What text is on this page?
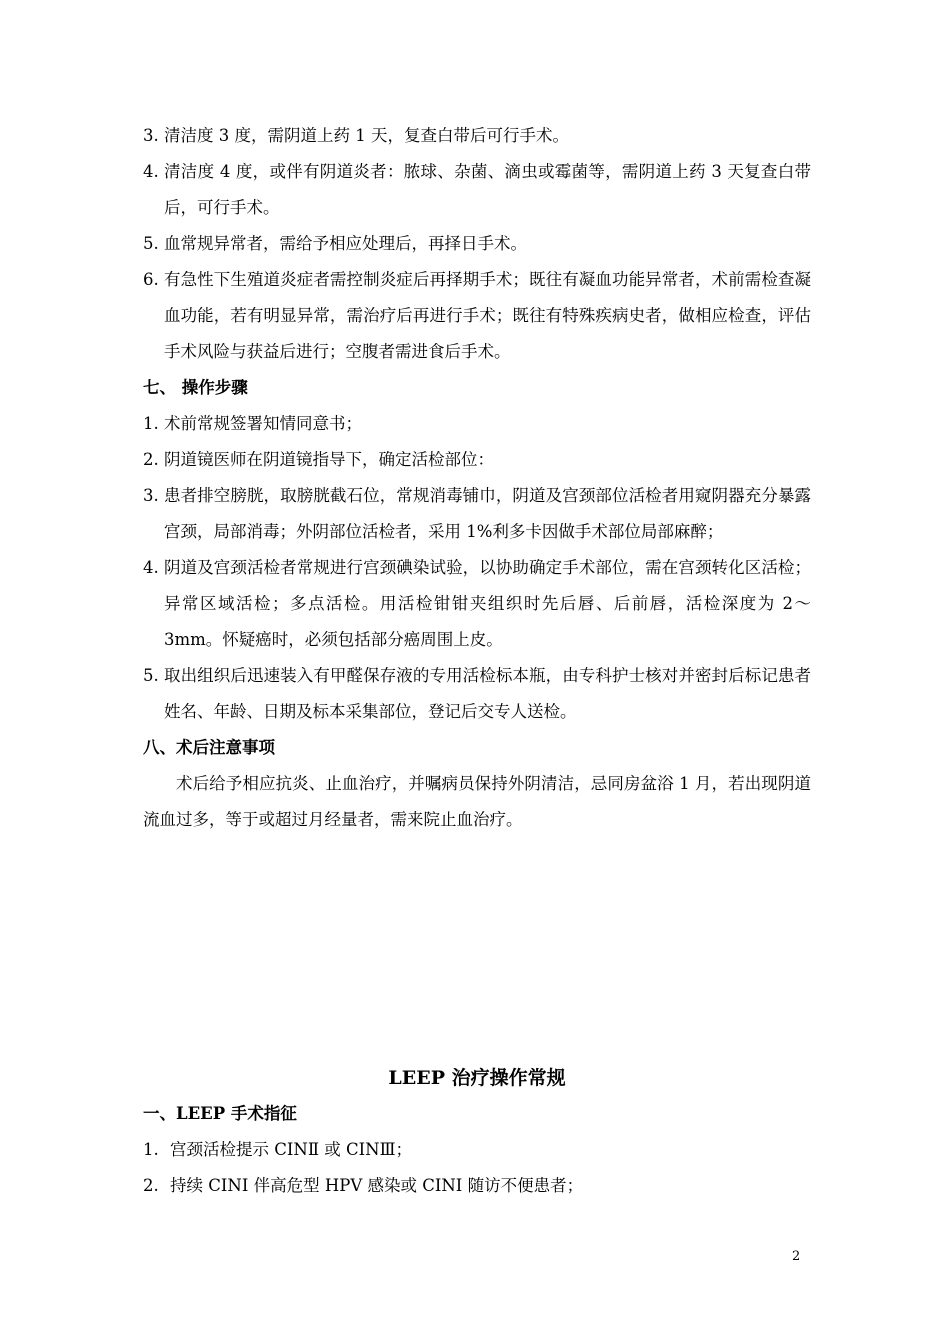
3. 清洁度 3 度，需阴道上药 1 天，复查白带后可行手术。
4. 清洁度 4 度，或伴有阴道炎者：脓球、杂菌、滴虫或霉菌等，需阴道上药 3 天复查白带后，可行手术。
5. 血常规异常者，需给予相应处理后，再择日手术。
6. 有急性下生殖道炎症者需控制炎症后再择期手术；既往有凝血功能异常者，术前需检查凝血功能，若有明显异常，需治疗后再进行手术；既往有特殊疾病史者，做相应检查，评估手术风险与获益后进行；空腹者需进食后手术。
七、 操作步骤
1. 术前常规签署知情同意书；
2. 阴道镜医师在阴道镜指导下，确定活检部位：
3. 患者排空膀胱，取膀胱截石位，常规消毒铺巾，阴道及宫颈部位活检者用窥阴器充分暴露宫颈，局部消毒；外阴部位活检者，采用 1%利多卡因做手术部位局部麻醉；
4. 阴道及宫颈活检者常规进行宫颈碘染试验，以协助确定手术部位，需在宫颈转化区活检；异常区域活检；多点活检。用活检钳钳夹组织时先后唇、后前唇，活检深度为 2～3mm。怀疑癌时，必须包括部分癌周围上皮。
5. 取出组织后迅速装入有甲醛保存液的专用活检标本瓶，由专科护士核对并密封后标记患者姓名、年龄、日期及标本采集部位，登记后交专人送检。
八、术后注意事项
术后给予相应抗炎、止血治疗，并嘱病员保持外阴清洁，忌同房盆浴 1 月，若出现阴道流血过多，等于或超过月经量者，需来院止血治疗。
LEEP 治疗操作常规
一、LEEP 手术指征
1. 宫颈活检提示 CINⅡ 或 CINⅢ；
2. 持续 CINⅠ 伴高危型 HPV 感染或 CINⅠ 随访不便患者；
2
